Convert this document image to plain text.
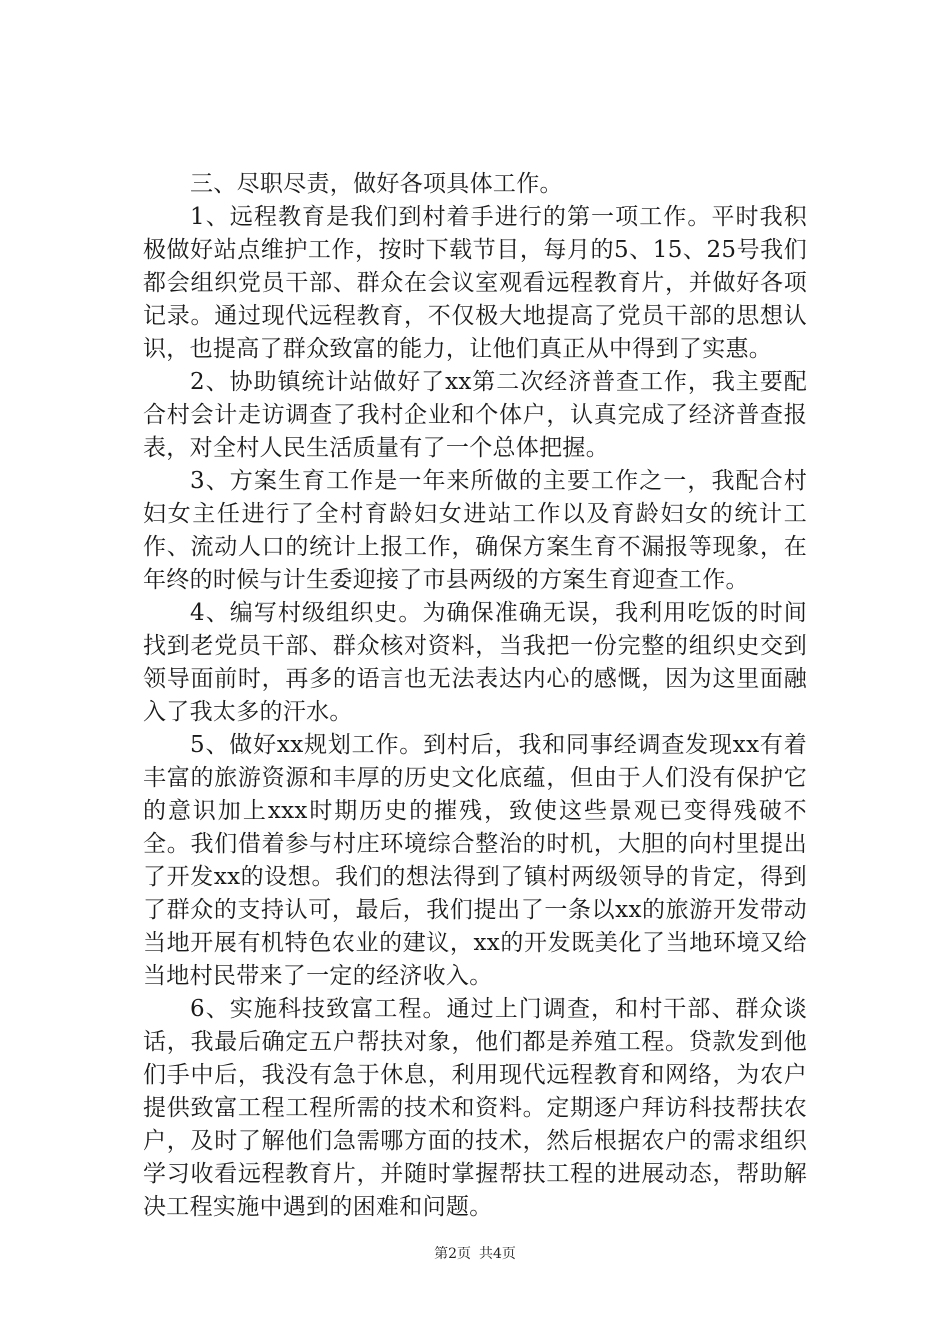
三、尽职尽责，做好各项具体工作。

1、远程教育是我们到村着手进行的第一项工作。平时我积极做好站点维护工作，按时下载节目，每月的5、15、25号我们都会组织党员干部、群众在会议室观看远程教育片，并做好各项记录。通过现代远程教育，不仅极大地提高了党员干部的思想认识，也提高了群众致富的能力，让他们真正从中得到了实惠。

2、协助镇统计站做好了xx第二次经济普查工作，我主要配合村会计走访调查了我村企业和个体户，认真完成了经济普查报表，对全村人民生活质量有了一个总体把握。

3、方案生育工作是一年来所做的主要工作之一，我配合村妇女主任进行了全村育龄妇女进站工作以及育龄妇女的统计工作、流动人口的统计上报工作，确保方案生育不漏报等现象，在年终的时候与计生委迎接了市县两级的方案生育迎查工作。

4、编写村级组织史。为确保准确无误，我利用吃饭的时间找到老党员干部、群众核对资料，当我把一份完整的组织史交到领导面前时，再多的语言也无法表达内心的感慨，因为这里面融入了我太多的汗水。

5、做好xx规划工作。到村后，我和同事经调查发现xx有着丰富的旅游资源和丰厚的历史文化底蕴，但由于人们没有保护它的意识加上xxx时期历史的摧残，致使这些景观已变得残破不全。我们借着参与村庄环境综合整治的时机，大胆的向村里提出了开发xx的设想。我们的想法得到了镇村两级领导的肯定，得到了群众的支持认可，最后，我们提出了一条以xx的旅游开发带动当地开展有机特色农业的建议，xx的开发既美化了当地环境又给当地村民带来了一定的经济收入。

6、实施科技致富工程。通过上门调查，和村干部、群众谈话，我最后确定五户帮扶对象，他们都是养殖工程。贷款发到他们手中后，我没有急于休息，利用现代远程教育和网络，为农户提供致富工程工程所需的技术和资料。定期逐户拜访科技帮扶农户，及时了解他们急需哪方面的技术，然后根据农户的需求组织学习收看远程教育片，并随时掌握帮扶工程的进展动态，帮助解决工程实施中遇到的困难和问题。

第2页 共4页
